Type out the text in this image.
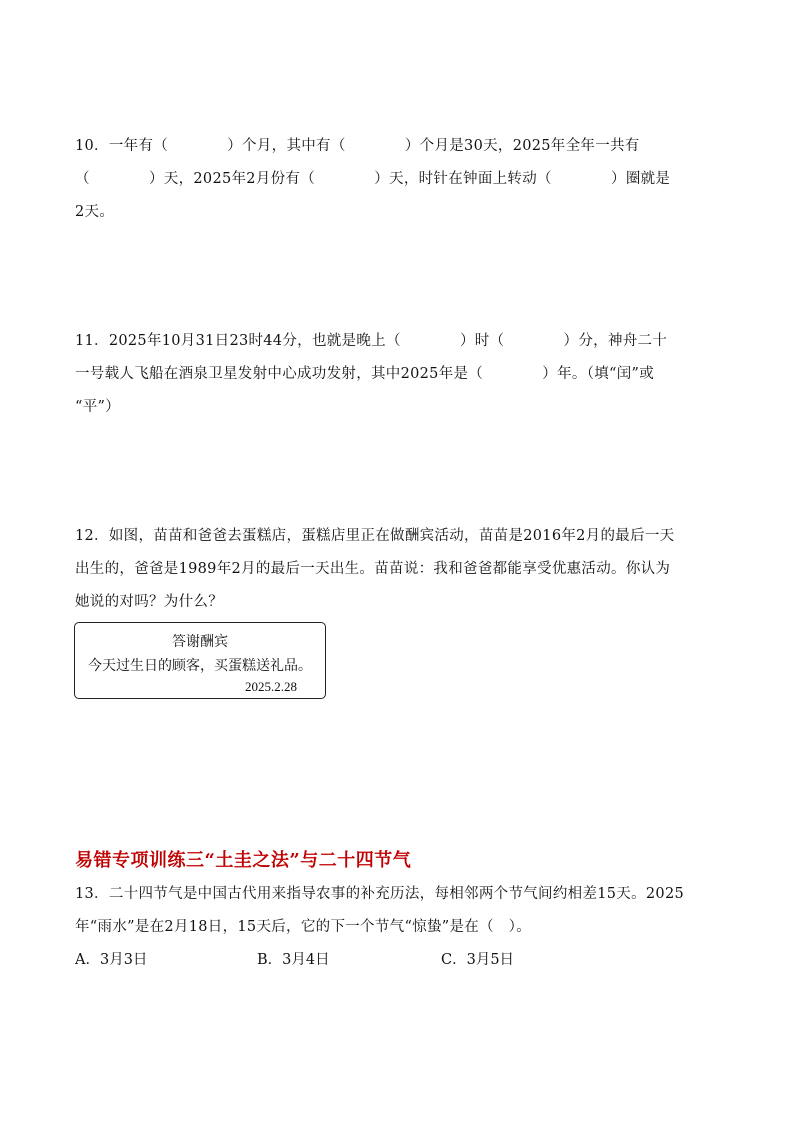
10．一年有（　　　　）个月，其中有（　　　　）个月是30天，2025年全年一共有
（　　　　）天，2025年2月份有（　　　　）天，时针在钟面上转动（　　　　）圈就是
2天。
11．2025年10月31日23时44分，也就是晚上（　　　　）时（　　　　）分，神舟二十
一号载人飞船在酒泉卫星发射中心成功发射，其中2025年是（　　　　）年。（填“闰”或
“平”）
12．如图，苗苗和爸爸去蛋糕店，蛋糕店里正在做酬宾活动，苗苗是2016年2月的最后一天
出生的，爸爸是1989年2月的最后一天出生。苗苗说：我和爸爸都能享受优惠活动。你认为
她说的对吗？为什么？
答谢酬宾
今天过生日的顾客，买蛋糕送礼品。
2025.2.28
易错专项训练三“土圭之法”与二十四节气
13．二十四节气是中国古代用来指导农事的补充历法，每相邻两个节气间约相差15天。2025
年“雨水”是在2月18日，15天后，它的下一个节气“惊蛰”是在（　）。
A．3月3日	B．3月4日	C．3月5日
